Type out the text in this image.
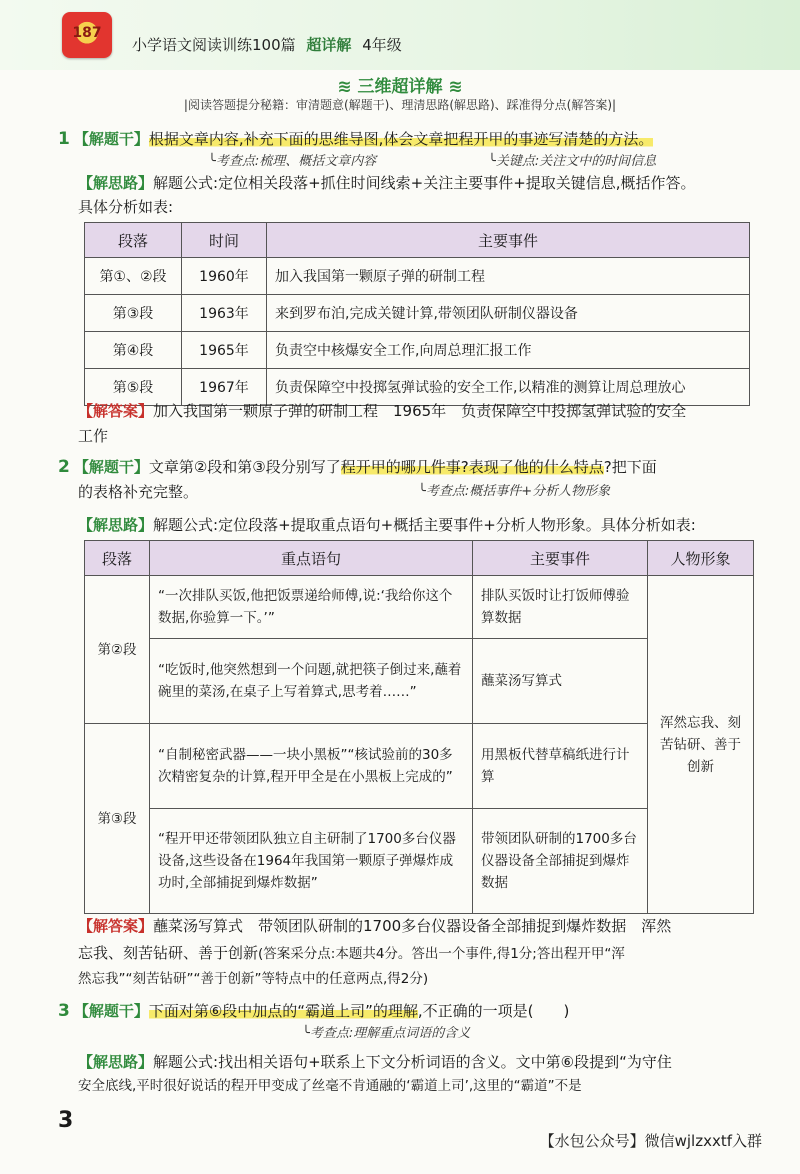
187
小学语文阅读训练100篇 超详解 4年级
≋ 三维超详解 ≋
|阅读答题提分秘籍：审清题意(解题干)、理清思路(解思路)、踩准得分点(解答案)|
1 【解题干】根据文章内容,补充下面的思维导图,体会文章把程开甲的事迹写清楚的方法。
╰考查点:梳理、概括文章内容	╰关键点:关注文中的时间信息
【解思路】解题公式:定位相关段落+抓住时间线索+关注主要事件+提取关键信息,概括作答。
具体分析如表:
段落	时间	主要事件
第①、②段	1960年	加入我国第一颗原子弹的研制工程
第③段	1963年	来到罗布泊,完成关键计算,带领团队研制仪器设备
第④段	1965年	负责空中核爆安全工作,向周总理汇报工作
第⑤段	1967年	负责保障空中投掷氢弹试验的安全工作,以精准的测算让周总理放心
【解答案】加入我国第一颗原子弹的研制工程　1965年　负责保障空中投掷氢弹试验的安全
工作
2 【解题干】文章第②段和第③段分别写了程开甲的哪几件事?表现了他的什么特点?把下面
的表格补充完整。	╰考查点:概括事件+分析人物形象
【解思路】解题公式:定位段落+提取重点语句+概括主要事件+分析人物形象。具体分析如表:
段落	重点语句	主要事件	人物形象
第②段	“一次排队买饭,他把饭票递给师傅,说:‘我给你这个数据,你验算一下。’”	排队买饭时让打饭师傅验算数据	浑然忘我、刻苦钻研、善于创新
	“吃饭时,他突然想到一个问题,就把筷子倒过来,蘸着碗里的菜汤,在桌子上写着算式,思考着……”	蘸菜汤写算式	
第③段	“自制秘密武器——一块小黑板”“核试验前的30多次精密复杂的计算,程开甲全是在小黑板上完成的”	用黑板代替草稿纸进行计算	
	“程开甲还带领团队独立自主研制了1700多台仪器设备,这些设备在1964年我国第一颗原子弹爆炸成功时,全部捕捉到爆炸数据”	带领团队研制的1700多台仪器设备全部捕捉到爆炸数据	
【解答案】蘸菜汤写算式　带领团队研制的1700多台仪器设备全部捕捉到爆炸数据　浑然
忘我、刻苦钻研、善于创新(答案采分点:本题共4分。答出一个事件,得1分;答出程开甲“浑
然忘我”“刻苦钻研”“善于创新”等特点中的任意两点,得2分)
3 【解题干】下面对第⑥段中加点的“霸道上司”的理解,不正确的一项是(　　)
╰考查点:理解重点词语的含义
【解思路】解题公式:找出相关语句+联系上下文分析词语的含义。文中第⑥段提到“为守住
安全底线,平时很好说话的程开甲变成了丝毫不肯通融的‘霸道上司’,这里的“霸道”不是
3
【水包公众号】微信wjlzxxtf入群
